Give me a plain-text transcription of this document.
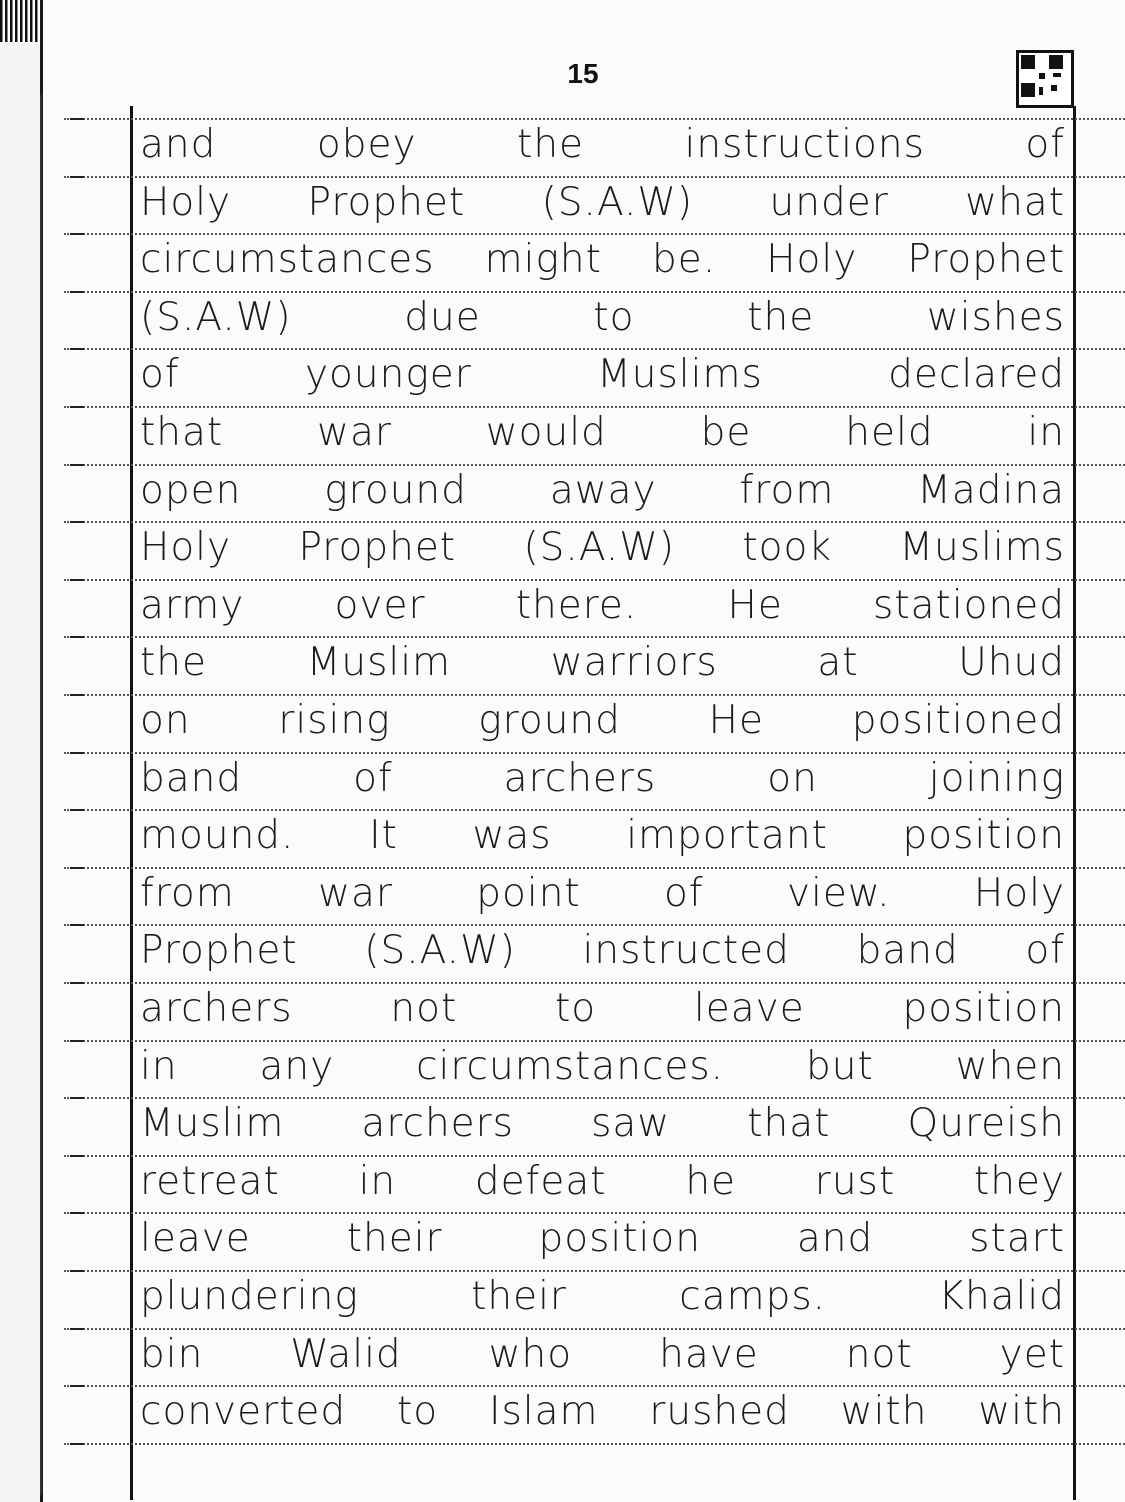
15
and obey the instructions of
Holy Prophet (S.A.W) under what
circumstances might be. Holy Prophet
(S.A.W) due to the wishes
of younger Muslims declared
that war would be held in
open ground away from Madina
Holy Prophet (S.A.W) took Muslims
army over there. He stationed
the Muslim warriors at Uhud
on rising ground He positioned
band of archers on joining
mound. It was important position
from war point of view. Holy
Prophet (S.A.W) instructed band of
archers not to leave position
in any circumstances. but when
Muslim archers saw that Qureish
retreat in defeat he rust they
leave their position and start
plundering their camps. Khalid
bin Walid who have not yet
converted to Islam rushed with with
